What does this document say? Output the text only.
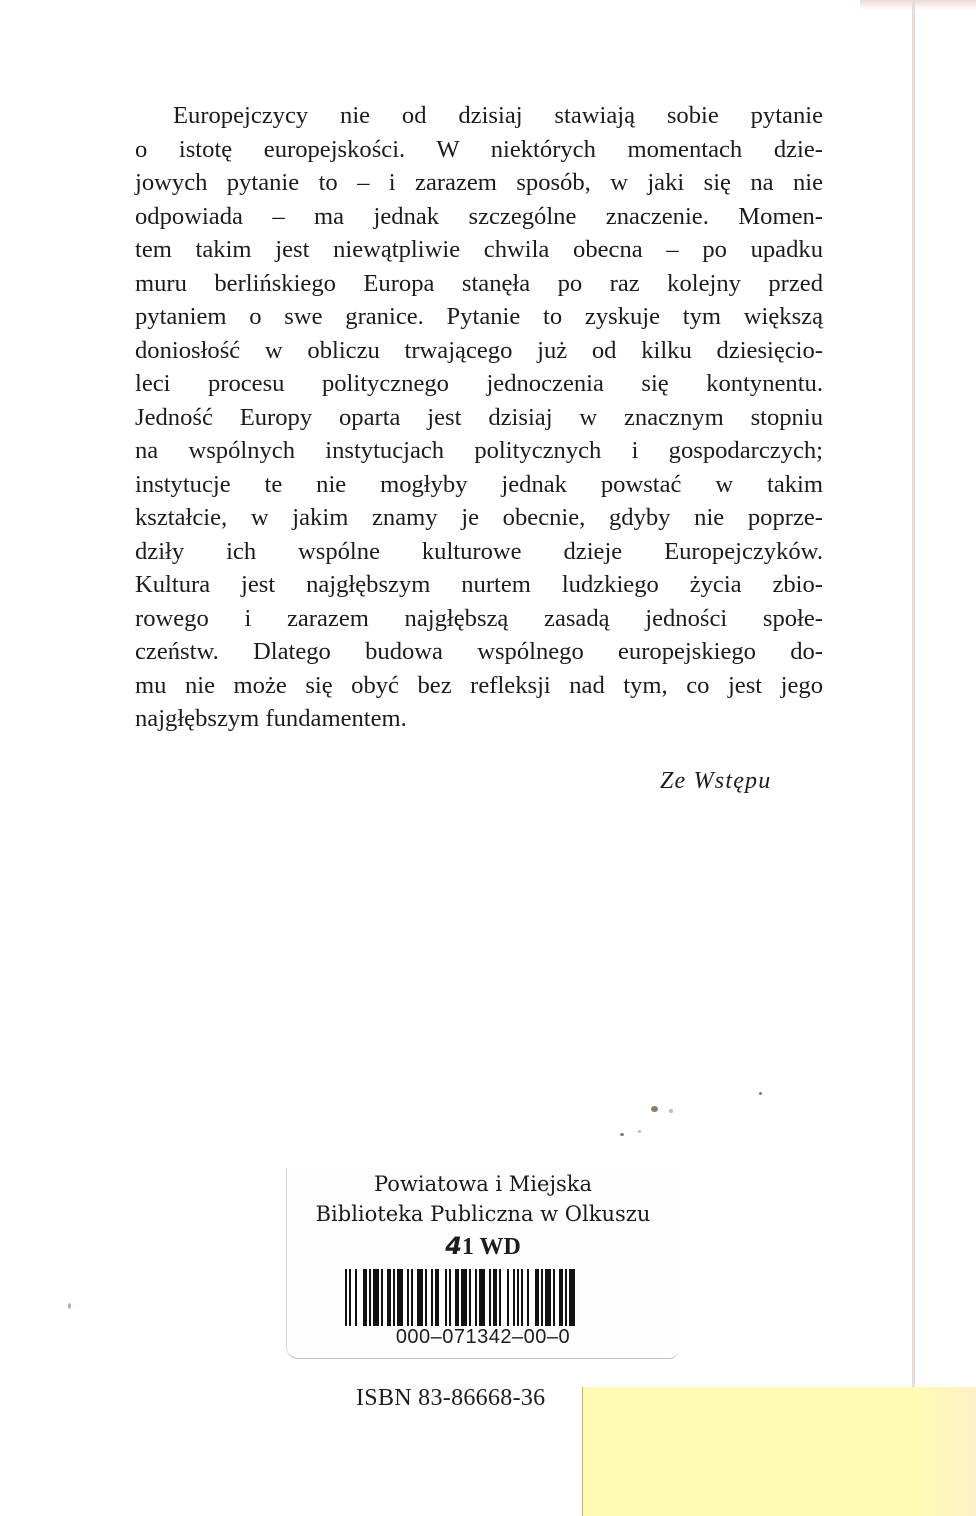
Europejczycy nie od dzisiaj stawiają sobie pytanie
o istotę europejskości. W niektórych momentach dzie-
jowych pytanie to – i zarazem sposób, w jaki się na nie
odpowiada – ma jednak szczególne znaczenie. Momen-
tem takim jest niewątpliwie chwila obecna – po upadku
muru berlińskiego Europa stanęła po raz kolejny przed
pytaniem o swe granice. Pytanie to zyskuje tym większą
doniosłość w obliczu trwającego już od kilku dziesięcio-
leci procesu politycznego jednoczenia się kontynentu.
Jedność Europy oparta jest dzisiaj w znacznym stopniu
na wspólnych instytucjach politycznych i gospodarczych;
instytucje te nie mogłyby jednak powstać w takim
kształcie, w jakim znamy je obecnie, gdyby nie poprze-
dziły ich wspólne kulturowe dzieje Europejczyków.
Kultura jest najgłębszym nurtem ludzkiego życia zbio-
rowego i zarazem najgłębszą zasadą jedności społe-
czeństw. Dlatego budowa wspólnego europejskiego do-
mu nie może się obyć bez refleksji nad tym, co jest jego
najgłębszym fundamentem.
Ze Wstępu
Powiatowa i Miejska
Biblioteka Publiczna w Olkuszu
41 WD
000–071342–00–0
ISBN 83-86668-36
